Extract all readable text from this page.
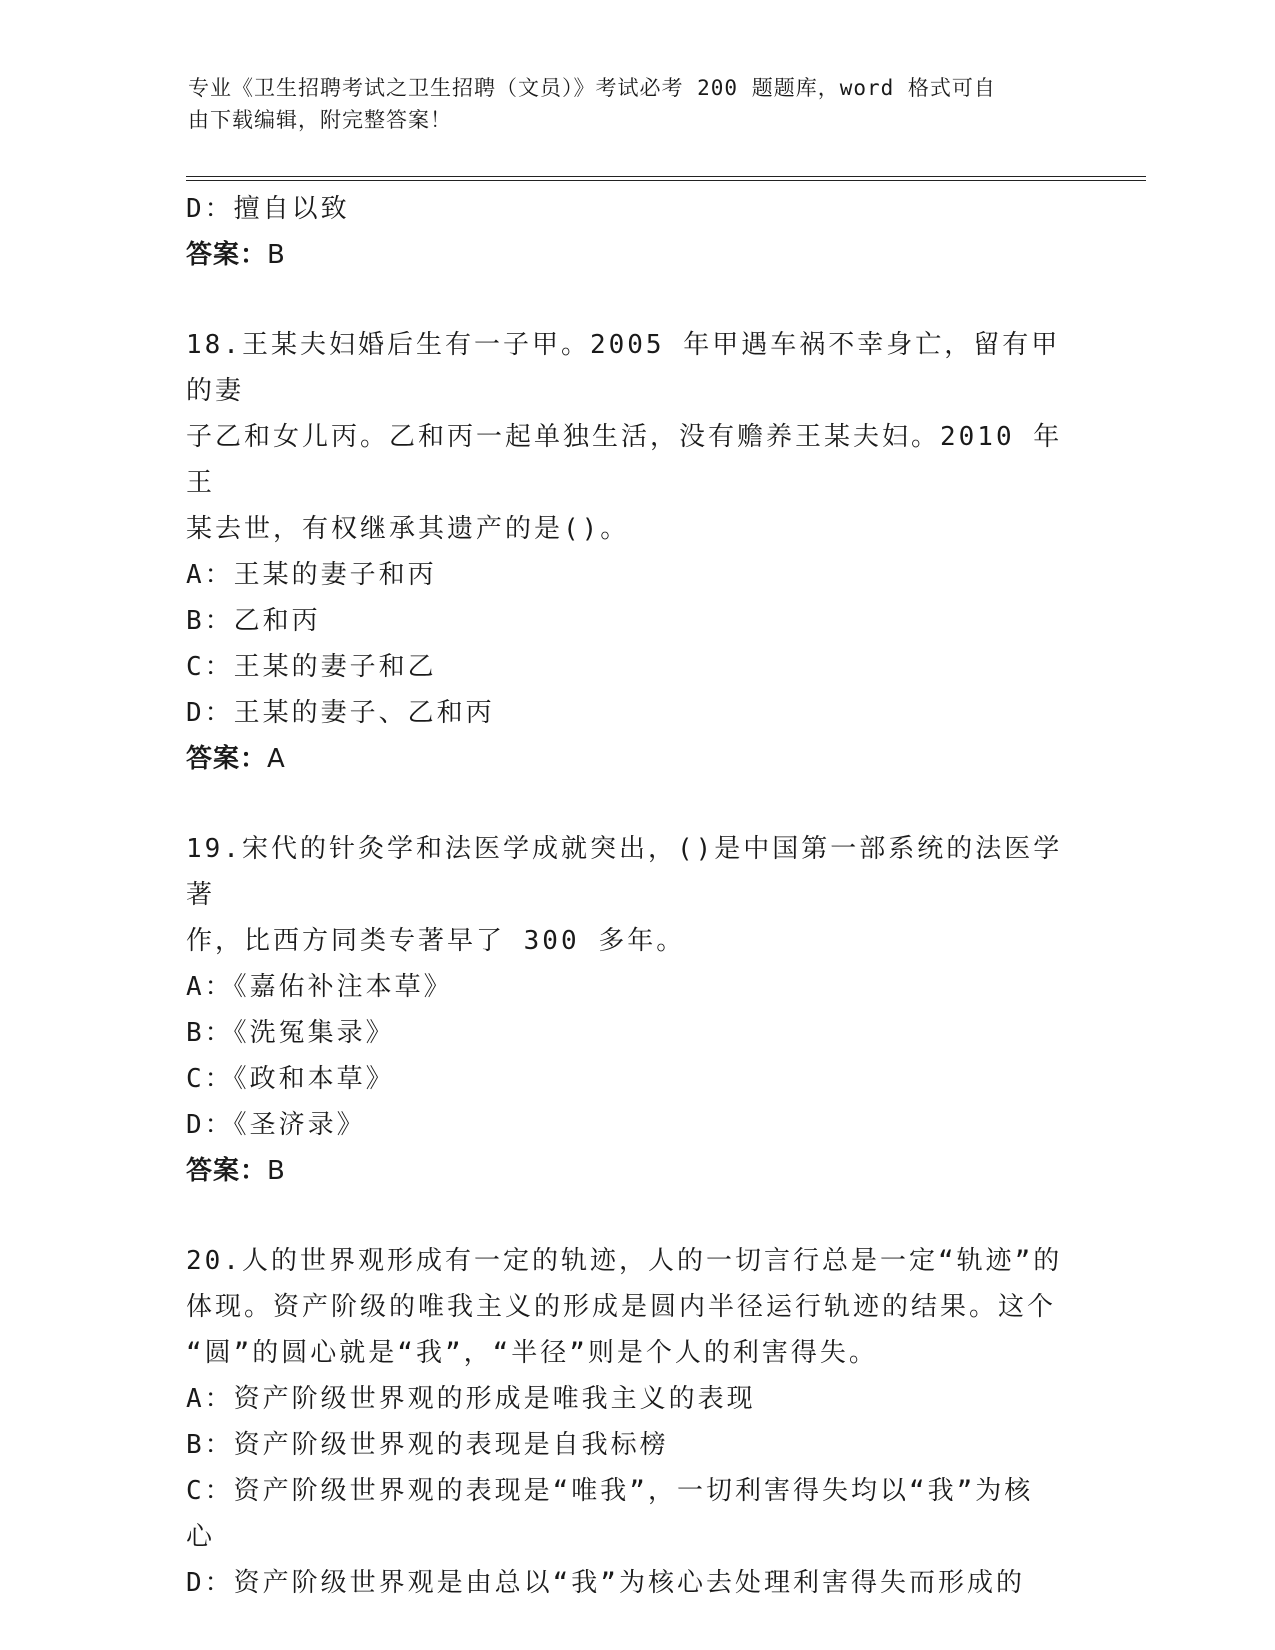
专业《卫生招聘考试之卫生招聘（文员）》考试必考 200 题题库，word 格式可自

由下载编辑，附完整答案！

D：擅自以致

答案：B

18.王某夫妇婚后生有一子甲。2005 年甲遇车祸不幸身亡，留有甲的妻

子乙和女儿丙。乙和丙一起单独生活，没有赡养王某夫妇。2010 年王

某去世，有权继承其遗产的是()。

A：王某的妻子和丙

B：乙和丙

C：王某的妻子和乙

D：王某的妻子、乙和丙

答案：A

19.宋代的针灸学和法医学成就突出，()是中国第一部系统的法医学著

作，比西方同类专著早了 300 多年。

A：《嘉佑补注本草》

B：《洗冤集录》

C：《政和本草》

D：《圣济录》

答案：B

20.人的世界观形成有一定的轨迹，人的一切言行总是一定“轨迹”的

体现。资产阶级的唯我主义的形成是圆内半径运行轨迹的结果。这个

“圆”的圆心就是“我”，“半径”则是个人的利害得失。

A：资产阶级世界观的形成是唯我主义的表现

B：资产阶级世界观的表现是自我标榜

C：资产阶级世界观的表现是“唯我”，一切利害得失均以“我”为核

心

D：资产阶级世界观是由总以“我”为核心去处理利害得失而形成的
